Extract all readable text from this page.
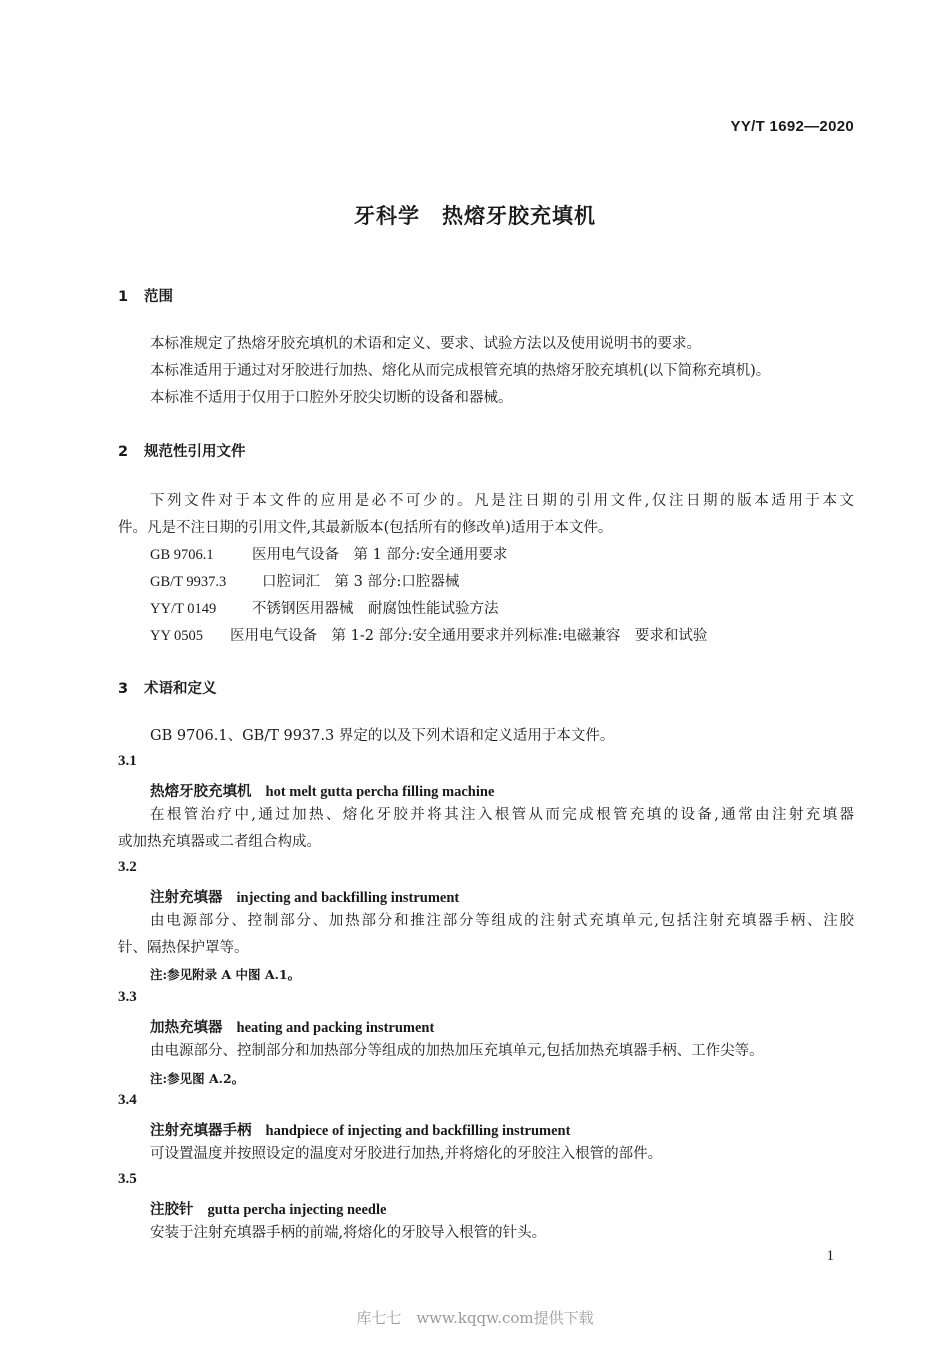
YY/T 1692—2020
牙科学　热熔牙胶充填机
1 范围
本标准规定了热熔牙胶充填机的术语和定义、要求、试验方法以及使用说明书的要求。
本标准适用于通过对牙胶进行加热、熔化从而完成根管充填的热熔牙胶充填机(以下简称充填机)。
本标准不适用于仅用于口腔外牙胶尖切断的设备和器械。
2 规范性引用文件
下列文件对于本文件的应用是必不可少的。凡是注日期的引用文件,仅注日期的版本适用于本文
件。凡是不注日期的引用文件,其最新版本(包括所有的修改单)适用于本文件。
GB 9706.1	医用电气设备　第 1 部分:安全通用要求
GB/T 9937.3 口腔词汇　第 3 部分:口腔器械
YY/T 0149 不锈钢医用器械　耐腐蚀性能试验方法
YY 0505 医用电气设备　第 1-2 部分:安全通用要求并列标准:电磁兼容　要求和试验
3 术语和定义
GB 9706.1、GB/T 9937.3 界定的以及下列术语和定义适用于本文件。
3.1
热熔牙胶充填机 hot melt gutta percha filling machine
在根管治疗中,通过加热、熔化牙胶并将其注入根管从而完成根管充填的设备,通常由注射充填器
或加热充填器或二者组合构成。
3.2
注射充填器 injecting and backfilling instrument
由电源部分、控制部分、加热部分和推注部分等组成的注射式充填单元,包括注射充填器手柄、注胶
针、隔热保护罩等。
注:参见附录 A 中图 A.1。
3.3
加热充填器 heating and packing instrument
由电源部分、控制部分和加热部分等组成的加热加压充填单元,包括加热充填器手柄、工作尖等。
注:参见图 A.2。
3.4
注射充填器手柄 handpiece of injecting and backfilling instrument
可设置温度并按照设定的温度对牙胶进行加热,并将熔化的牙胶注入根管的部件。
3.5
注胶针 gutta percha injecting needle
安装于注射充填器手柄的前端,将熔化的牙胶导入根管的针头。
1
库七七　www.kqqw.com提供下载
